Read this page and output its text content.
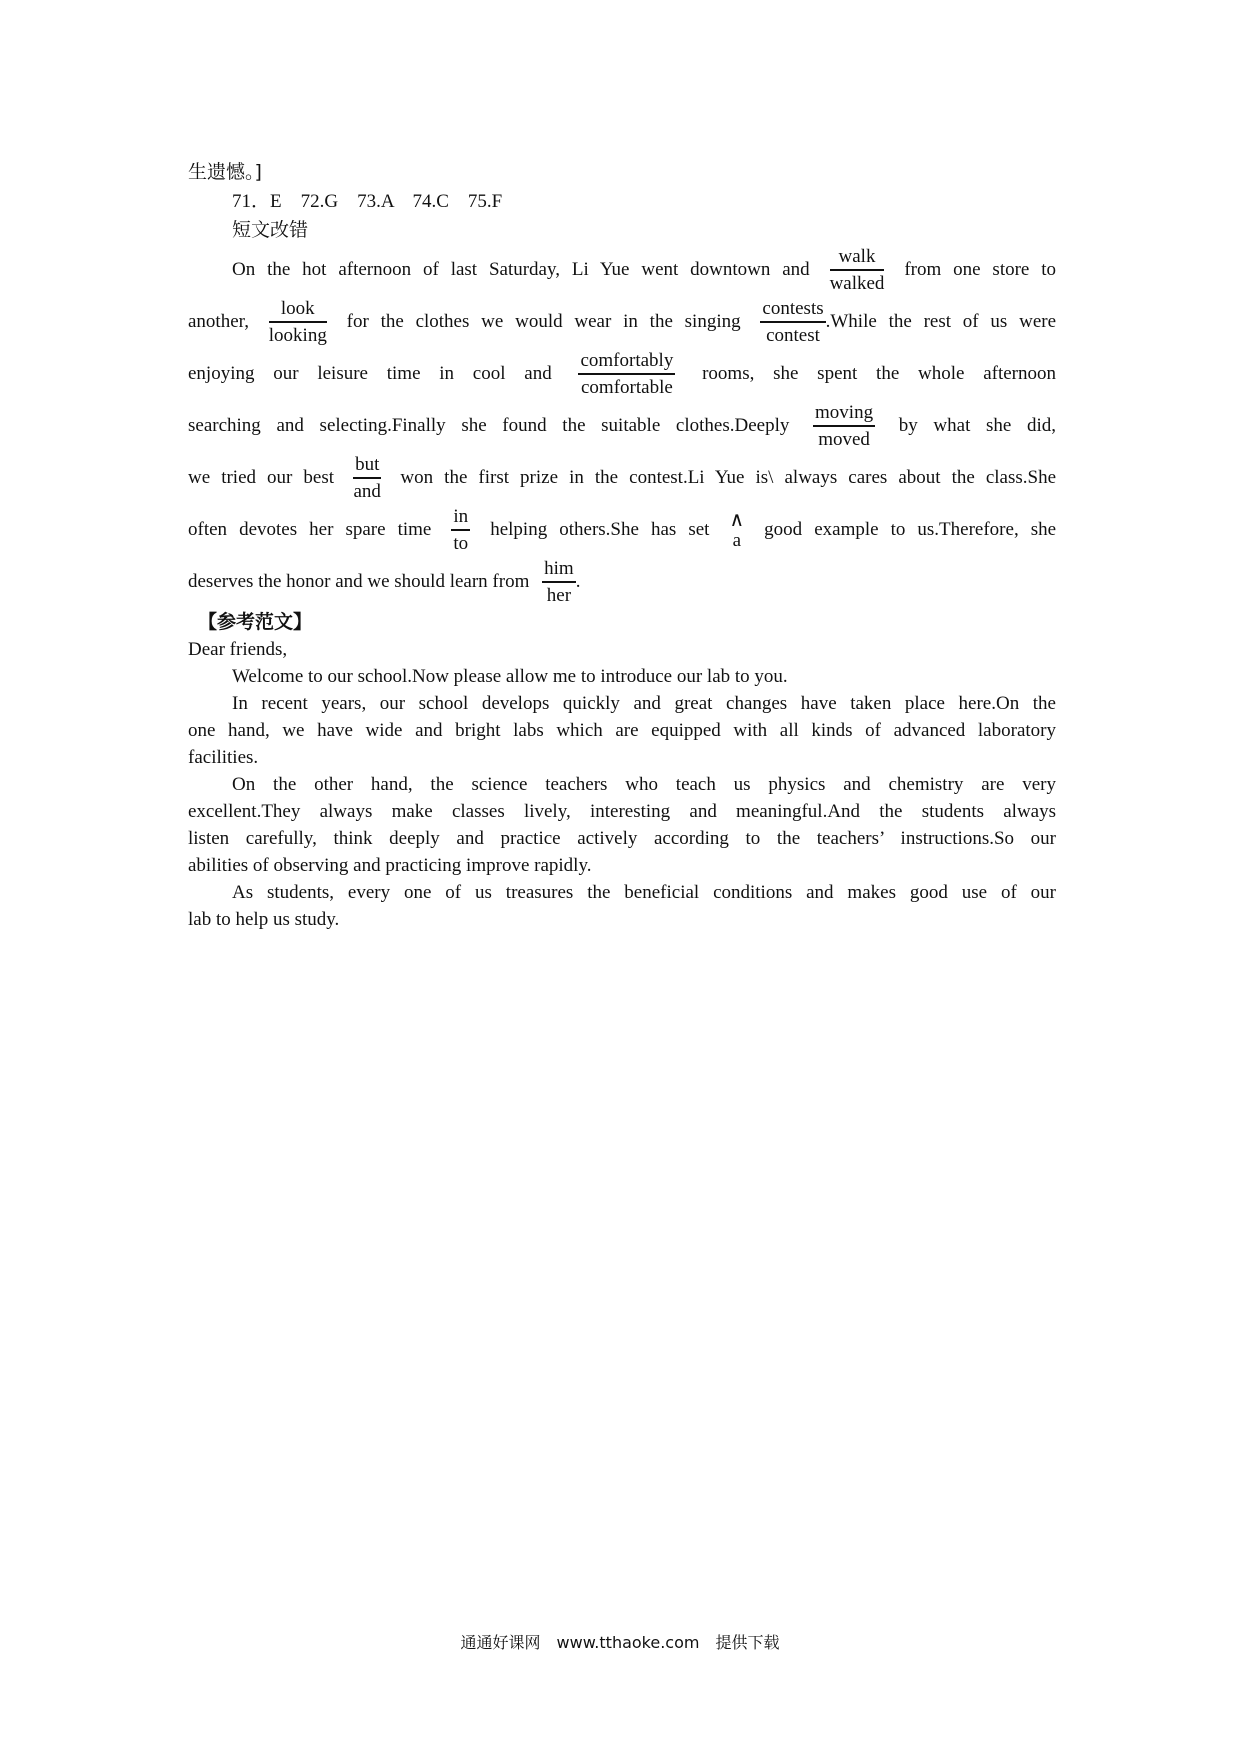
生遗憾。]
71．E　72.G　73.A　74.C　75.F
短文改错
On the hot afternoon of last Saturday, Li Yue went downtown and $\frac{\text{walk}}{\text{walked}}$ from one store to
another, $\frac{\text{look}}{\text{looking}}$ for the clothes we would wear in the singing $\frac{\text{contests}}{\text{contest}}$ .While the rest of us were
enjoying our leisure time in cool and $\frac{\text{comfortably}}{\text{comfortable}}$ rooms, she spent the whole afternoon
searching and selecting.Finally she found the suitable clothes.Deeply $\frac{\text{moving}}{\text{moved}}$ by what she did,
we tried our best $\frac{\text{but}}{\text{and}}$ won the first prize in the contest.Li Yue is\ always cares about the class.She
often devotes her spare time $\frac{in}{to}$ helping others.She has set ∧
a
good example to us.Therefore, she
deserves the honor and we should learn from $\frac{\text{him}}{\text{her}}$ .
【参考范文】
Dear friends,
Welcome to our school.Now please allow me to introduce our lab to you.
In recent years, our school develops quickly and great changes have taken place here.On the
one hand, we have wide and bright labs which are equipped with all kinds of advanced laboratory
facilities.
On the other hand, the science teachers who teach us physics and chemistry are very
excellent.They always make classes lively, interesting and meaningful.And the students always
listen carefully, think deeply and practice actively according to the teachers’ instructions.So our
abilities of observing and practicing improve rapidly.
As students, every one of us treasures the beneficial conditions and makes good use of our
lab to help us study.
通通好课网　www.tthaoke.com　提供下载
